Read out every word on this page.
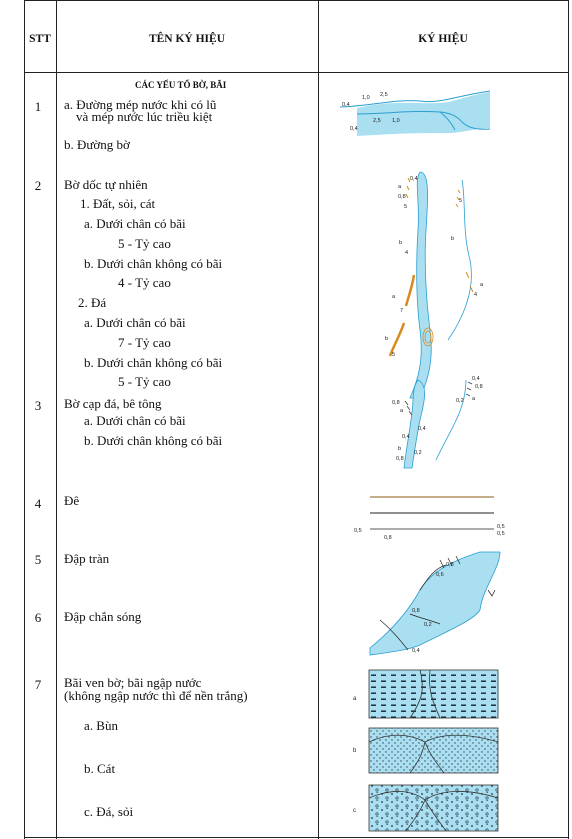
STT	TÊN KÝ HIỆU	KÝ HIỆU
CÁC YẾU TỐ BỜ, BÃI
1	a. Đường mép nước khi có lũ
và mép nước lúc triều kiệt
b. Đường bờ
2	Bờ dốc tự nhiên
1. Đất, sỏi, cát
a. Dưới chân có bãi
5 - Tỷ cao
b. Dưới chân không có bãi
4 - Tỷ cao
2. Đá
a. Dưới chân có bãi
7 - Tỷ cao
b. Dưới chân không có bãi
5 - Tỷ cao
3	Bờ cạp đá, bê tông
a. Dưới chân có bãi
b. Dưới chân không có bãi
4	Đê
5	Đập tràn
6	Đập chắn sóng
7	Bãi ven bờ; bãi ngập nước
(không ngập nước thì để nền trắng)
a. Bùn
b. Cát
c. Đá, sỏi
1,0 2,5
0,4
2,5 1,0
0,4
0,4
a
0,8
5
b
4
b
5
a
4
a
7
b
5
0,8
a
0,4
0,4
0,8
0,2 a
0,4
b
0,8
0,2
0,5
0,8
0,5
0,5
0,8
0,6
0,8
0,2
0,4
a
b
c
